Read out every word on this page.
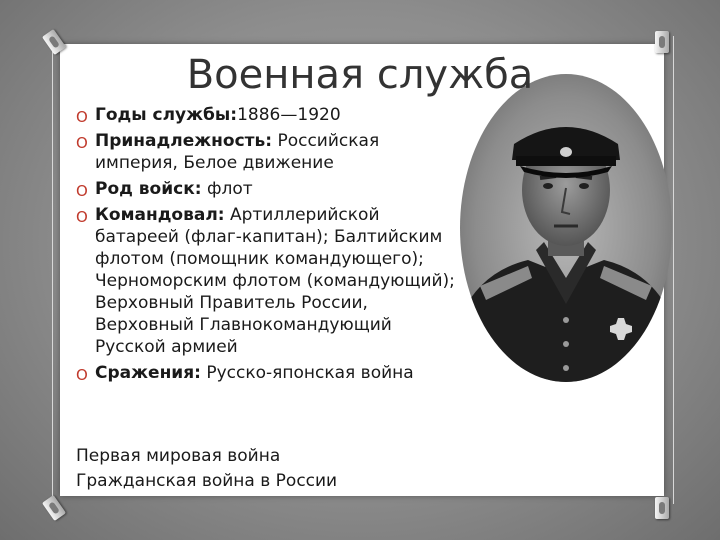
Военная служба
O Годы службы:1886—1920
O Принадлежность: Российская империя, Белое движение
O Род войск: флот
O Командовал: Артиллерийской батареей (флаг-капитан); Балтийским флотом (помощник командующего); Черноморским флотом (командующий); Верховный Правитель России, Верховный Главнокомандующий Русской армией
O Сражения: Русско-японская война
Первая мировая война
Гражданская война в России
